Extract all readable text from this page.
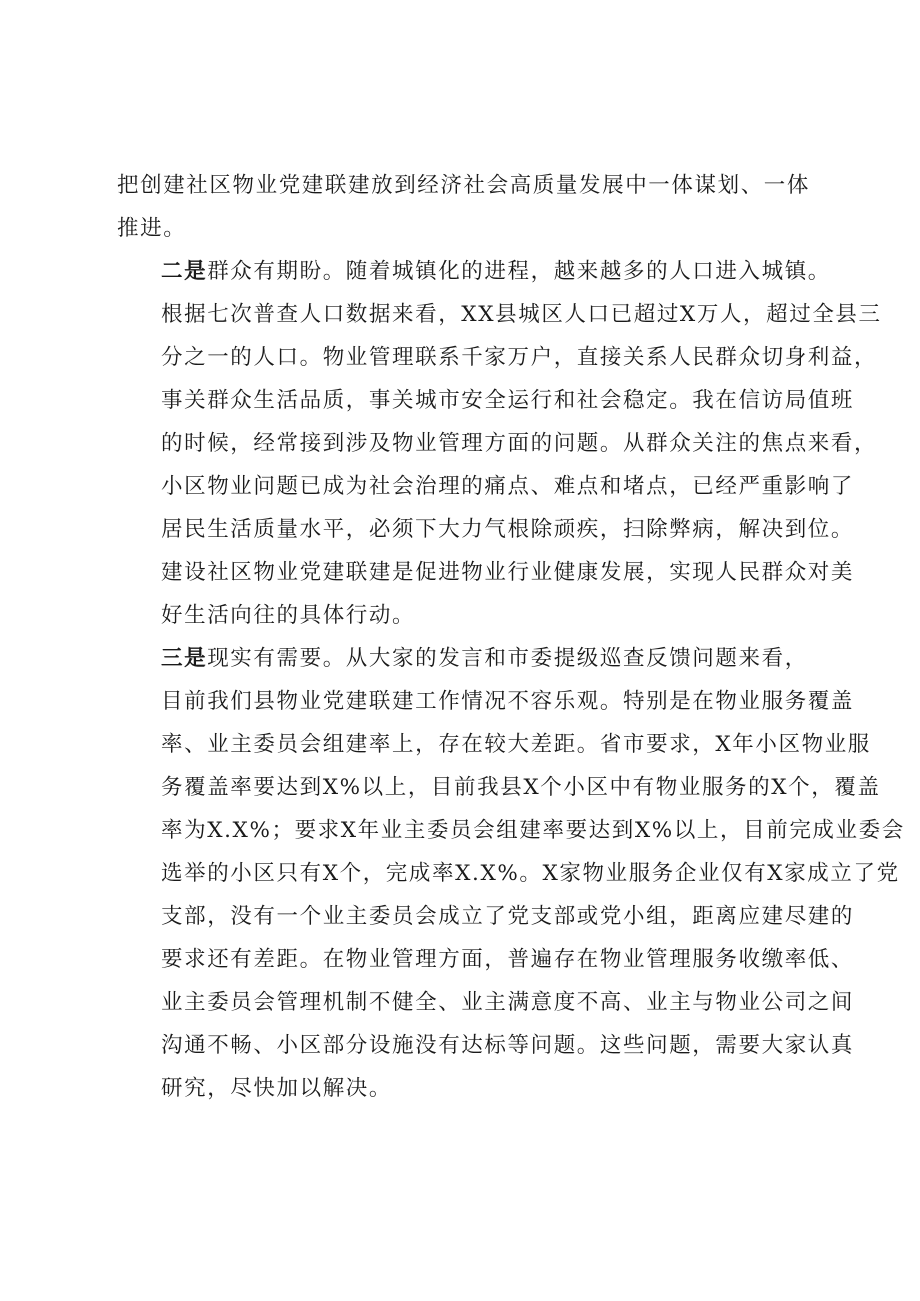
把创建社区物业党建联建放到经济社会高质量发展中一体谋划、一体
推进。

二是群众有期盼。随着城镇化的进程，越来越多的人口进入城镇。
根据七次普查人口数据来看，XX县城区人口已超过X万人，超过全县三
分之一的人口。物业管理联系千家万户，直接关系人民群众切身利益，
事关群众生活品质，事关城市安全运行和社会稳定。我在信访局值班
的时候，经常接到涉及物业管理方面的问题。从群众关注的焦点来看，
小区物业问题已成为社会治理的痛点、难点和堵点，已经严重影响了
居民生活质量水平，必须下大力气根除顽疾，扫除弊病，解决到位。
建设社区物业党建联建是促进物业行业健康发展，实现人民群众对美
好生活向往的具体行动。

三是现实有需要。从大家的发言和市委提级巡查反馈问题来看，
目前我们县物业党建联建工作情况不容乐观。特别是在物业服务覆盖
率、业主委员会组建率上，存在较大差距。省市要求，X年小区物业服
务覆盖率要达到X%以上，目前我县X个小区中有物业服务的X个，覆盖
率为X.X%；要求X年业主委员会组建率要达到X%以上，目前完成业委会
选举的小区只有X个，完成率X.X%。X家物业服务企业仅有X家成立了党
支部，没有一个业主委员会成立了党支部或党小组，距离应建尽建的
要求还有差距。在物业管理方面，普遍存在物业管理服务收缴率低、
业主委员会管理机制不健全、业主满意度不高、业主与物业公司之间
沟通不畅、小区部分设施没有达标等问题。这些问题，需要大家认真
研究，尽快加以解决。
